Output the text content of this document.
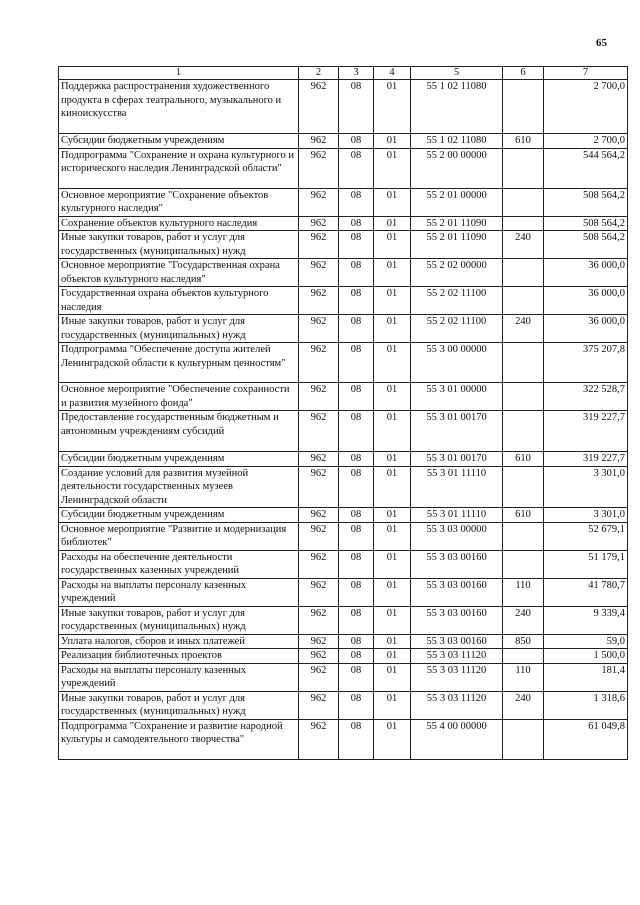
65
1	2	3	4	5	6	7
Поддержка распространения художественного продукта в сферах театрального, музыкального и киноискусства	962	08	01	55 1 02 11080		2 700,0
Субсидии бюджетным учреждениям	962	08	01	55 1 02 11080	610	2 700,0
Подпрограмма "Сохранение и охрана культурного и исторического наследия Ленинградской области"	962	08	01	55 2 00 00000		544 564,2
Основное мероприятие "Сохранение объектов культурного наследия"	962	08	01	55 2 01 00000		508 564,2
Сохранение объектов культурного наследия	962	08	01	55 2 01 11090		508 564,2
Иные закупки товаров, работ и услуг для государственных (муниципальных) нужд	962	08	01	55 2 01 11090	240	508 564,2
Основное мероприятие "Государственная охрана объектов культурного наследия"	962	08	01	55 2 02 00000		36 000,0
Государственная охрана объектов культурного наследия	962	08	01	55 2 02 11100		36 000,0
Иные закупки товаров, работ и услуг для государственных (муниципальных) нужд	962	08	01	55 2 02 11100	240	36 000,0
Подпрограмма "Обеспечение доступа жителей Ленинградской области к культурным ценностям"	962	08	01	55 3 00 00000		375 207,8
Основное мероприятие "Обеспечение сохранности и развития музейного фонда"	962	08	01	55 3 01 00000		322 528,7
Предоставление государственным бюджетным и автономным учреждениям субсидий	962	08	01	55 3 01 00170		319 227,7
Субсидии бюджетным учреждениям	962	08	01	55 3 01 00170	610	319 227,7
Создание условий для развития музейной деятельности государственных музеев Ленинградской области	962	08	01	55 3 01 11110		3 301,0
Субсидии бюджетным учреждениям	962	08	01	55 3 01 11110	610	3 301,0
Основное мероприятие "Развитие и модернизация библиотек"	962	08	01	55 3 03 00000		52 679,1
Расходы на обеспечение деятельности государственных казенных учреждений	962	08	01	55 3 03 00160		51 179,1
Расходы на выплаты персоналу казенных учреждений	962	08	01	55 3 03 00160	110	41 780,7
Иные закупки товаров, работ и услуг для государственных (муниципальных) нужд	962	08	01	55 3 03 00160	240	9 339,4
Уплата налогов, сборов и иных платежей	962	08	01	55 3 03 00160	850	59,0
Реализация библиотечных проектов	962	08	01	55 3 03 11120		1 500,0
Расходы на выплаты персоналу казенных учреждений	962	08	01	55 3 03 11120	110	181,4
Иные закупки товаров, работ и услуг для государственных (муниципальных) нужд	962	08	01	55 3 03 11120	240	1 318,6
Подпрограмма "Сохранение и развитие народной культуры и самодеятельного творчества"	962	08	01	55 4 00 00000		61 049,8
